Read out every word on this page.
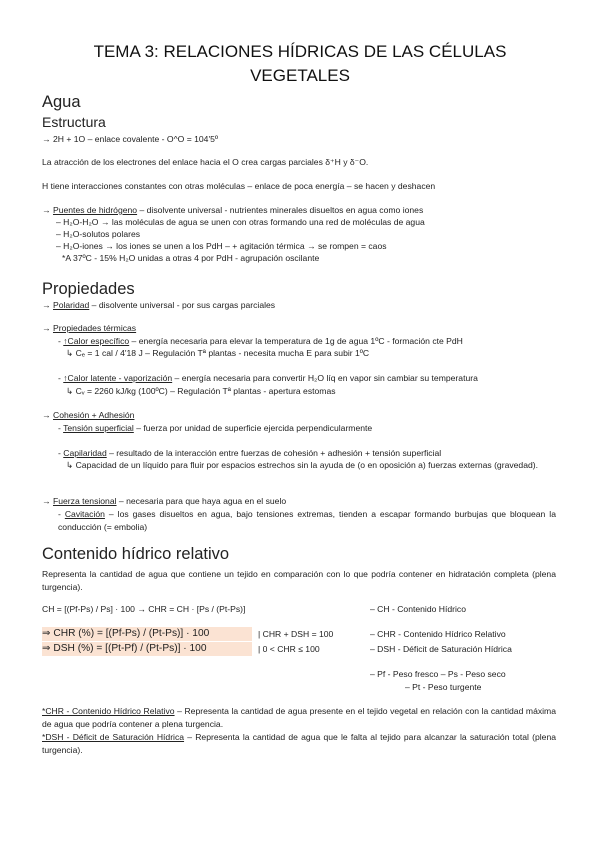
TEMA 3: RELACIONES HÍDRICAS DE LAS CÉLULAS
VEGETALES
Agua
Estructura
→ 2H + 1O – enlace covalente - O^O = 104'5º
La atracción de los electrones del enlace hacia el O crea cargas parciales δ⁺H y δ⁻O.
H tiene interacciones constantes con otras moléculas – enlace de poca energía – se hacen y deshacen
→ Puentes de hidrógeno – disolvente universal - nutrientes minerales disueltos en agua como iones
– H₂O-H₂O → las moléculas de agua se unen con otras formando una red de moléculas de agua
– H₂O-solutos polares
– H₂O-iones → los iones se unen a los PdH – + agitación térmica → se rompen = caos
*A 37ºC - 15% H₂O unidas a otras 4 por PdH - agrupación oscilante
Propiedades
→ Polaridad – disolvente universal - por sus cargas parciales
→ Propiedades térmicas
- ↑Calor específico – energía necesaria para elevar la temperatura de 1g de agua 1ºC - formación cte PdH
↳ Cₑ = 1 cal / 4'18 J – Regulación Tª plantas - necesita mucha E para subir 1ºC
- ↑Calor latente - vaporización – energía necesaria para convertir H₂O líq en vapor sin cambiar su temperatura
↳ Cᵥ = 2260 kJ/kg (100ºC) – Regulación Tª plantas - apertura estomas
→ Cohesión + Adhesión
- Tensión superficial – fuerza por unidad de superficie ejercida perpendicularmente
- Capilaridad – resultado de la interacción entre fuerzas de cohesión + adhesión + tensión superficial
↳ Capacidad de un líquido para fluir por espacios estrechos sin la ayuda de (o en oposición a) fuerzas externas (gravedad).
→ Fuerza tensional – necesaria para que haya agua en el suelo
- Cavitación – los gases disueltos en agua, bajo tensiones extremas, tienden a escapar formando burbujas que bloquean la conducción (= embolia)
Contenido hídrico relativo
Representa la cantidad de agua que contiene un tejido en comparación con lo que podría contener en hidratación completa (plena turgencia).
CH = [(Pf-Ps) / Ps] · 100 → CHR = CH · [Ps / (Pt-Ps)]	– CH - Contenido Hídrico
⇒ CHR (%) = [(Pf-Ps) / (Pt-Ps)] · 100
⇒ DSH (%) = [(Pt-Pf) / (Pt-Ps)] · 100
| CHR + DSH = 100
| 0 < CHR ≤ 100
– CHR - Contenido Hídrico Relativo
– DSH - Déficit de Saturación Hídrica
– Pf - Peso fresco – Ps - Peso seco
– Pt - Peso turgente
*CHR - Contenido Hídrico Relativo – Representa la cantidad de agua presente en el tejido vegetal en relación con la cantidad máxima de agua que podría contener a plena turgencia.
*DSH - Déficit de Saturación Hídrica – Representa la cantidad de agua que le falta al tejido para alcanzar la saturación total (plena turgencia).
